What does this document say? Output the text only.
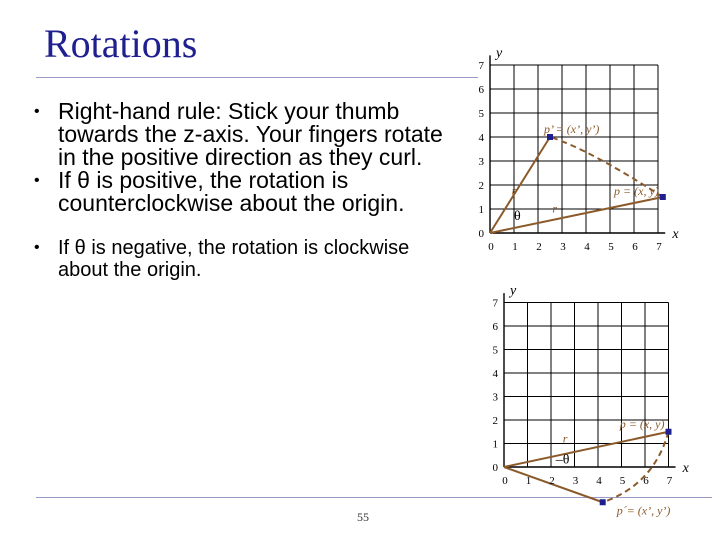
Rotations
• Right-hand rule: Stick your thumb towards the z-axis. Your fingers rotate in the positive direction as they curl.
• If θ is positive, the rotation is counterclockwise about the origin.
• If θ is negative, the rotation is clockwise about the origin.
55
0 1 2 3 4 5 6 7
7
6
5
4
3
2
1
0
y
x
p = (x, y)
p’ = (x’, y’)
r
r
θ
0 1 2 3 4 5 6 7
7
6
5
4
3
2
1
0
y
x
p = (x, y)
p´= (x’, y’)
r
–θ
